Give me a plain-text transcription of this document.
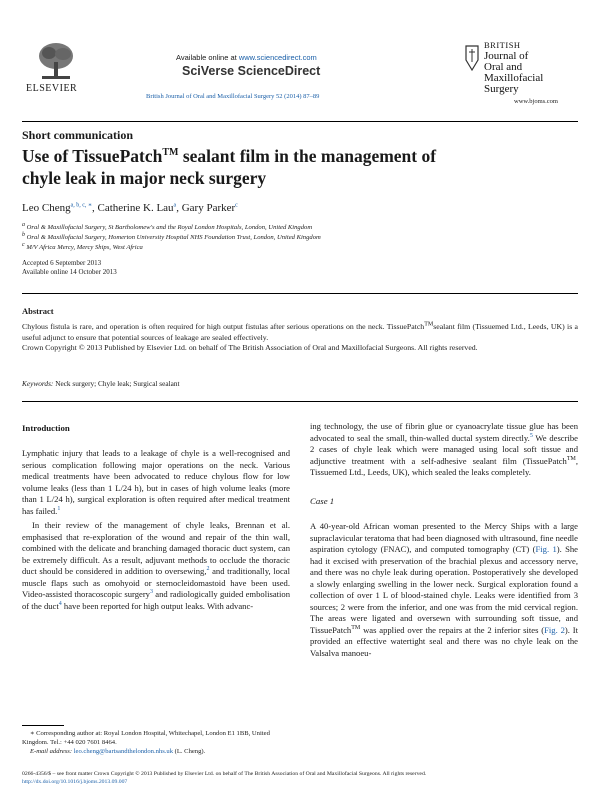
ELSEVIER
Available online at www.sciencedirect.com
SciVerse ScienceDirect
British Journal of Oral and Maxillofacial Surgery 52 (2014) 87–89
BRITISH
Journal of
Oral and
Maxillofacial
Surgery
www.bjoms.com
Short communication
Use of TissuePatch™ sealant film in the management of
chyle leak in major neck surgery
Leo Cheng$^{a, b, c, ∗}$, Catherine K. Lau$^a$, Gary Parker$^c$
$^a$ Oral & Maxillofacial Surgery, St Bartholomew's and the Royal London Hospitals, London, United Kingdom
$^b$ Oral & Maxillofacial Surgery, Homerton University Hospital NHS Foundation Trust, London, United Kingdom
$^c$ M/V Africa Mercy, Mercy Ships, West Africa
Accepted 6 September 2013
Available online 14 October 2013
Abstract

Chylous fistula is rare, and operation is often required for high output fistulas after serious operations on the neck. TissuePatch™sealant film (Tissuemed Ltd., Leeds, UK) is a useful adjunct to ensure that potential sources of leakage are sealed effectively.

Crown Copyright © 2013 Published by Elsevier Ltd. on behalf of The British Association of Oral and Maxillofacial Surgeons. All rights reserved.

Keywords: Neck surgery; Chyle leak; Surgical sealant
Introduction

Lymphatic injury that leads to a leakage of chyle is a well-recognised and serious complication following major operations on the neck. Various medical treatments have been advocated to reduce chylous flow for low volume leaks (less than 1 L/24 h), but in cases of high volume leaks (more than 1 L/24 h), surgical exploration is often required after medical treatment has failed.$^1$

In their review of the management of chyle leaks, Brennan et al. emphasised that re-exploration of the wound and repair of the thin wall, combined with the delicate and branching damaged thoracic duct system, can be extremely difficult. As a result, adjuvant methods to occlude the thoracic duct should be considered in addition to oversewing,$^2$ and traditionally, local muscle flaps such as omohyoid or sternocleidomastoid have been used. Video-assisted thoracoscopic surgery$^3$ and radiologically guided embolisation of the duct$^4$ have been reported for high output leaks. With advanc-

∗ Corresponding author at: Royal London Hospital, Whitechapel, London E1 1BB, United Kingdom. Tel.: +44 020 7601 8464.

E-mail address: leo.cheng@bartsandthelondon.nhs.uk (L. Cheng).

ing technology, the use of fibrin glue or cyanoacrylate tissue glue has been advocated to seal the small, thin-walled ductal system directly.$^5$ We describe 2 cases of chyle leak which were managed using local soft tissue and adjunctive treatment with a self-adhesive sealant film (TissuePatch™, Tissuemed Ltd., Leeds, UK), which sealed the leaks completely.

Case 1

A 40-year-old African woman presented to the Mercy Ships with a large supraclavicular teratoma that had been diagnosed with ultrasound, fine needle aspiration cytology (FNAC), and computed tomography (CT) (Fig. 1). She had it excised with preservation of the brachial plexus and accessory nerve, and there was no chyle leak during operation. Postoperatively she developed a slowly enlarging swelling in the lower neck. Surgical exploration found a collection of over 1 L of blood-stained chyle. Leaks were identified from 3 sources; 2 were from the inferior, and one was from the mid cervical region. The areas were ligated and oversewn with surrounding soft tissue, and TissuePatch™ was applied over the repairs at the 2 inferior sites (Fig. 2). It provided an effective watertight seal and there was no chyle leak on the Valsalva manoeu-

0266-4356/$ – see front matter Crown Copyright © 2013 Published by Elsevier Ltd. on behalf of The British Association of Oral and Maxillofacial Surgeons. All rights reserved.
http://dx.doi.org/10.1016/j.bjoms.2013.09.007
